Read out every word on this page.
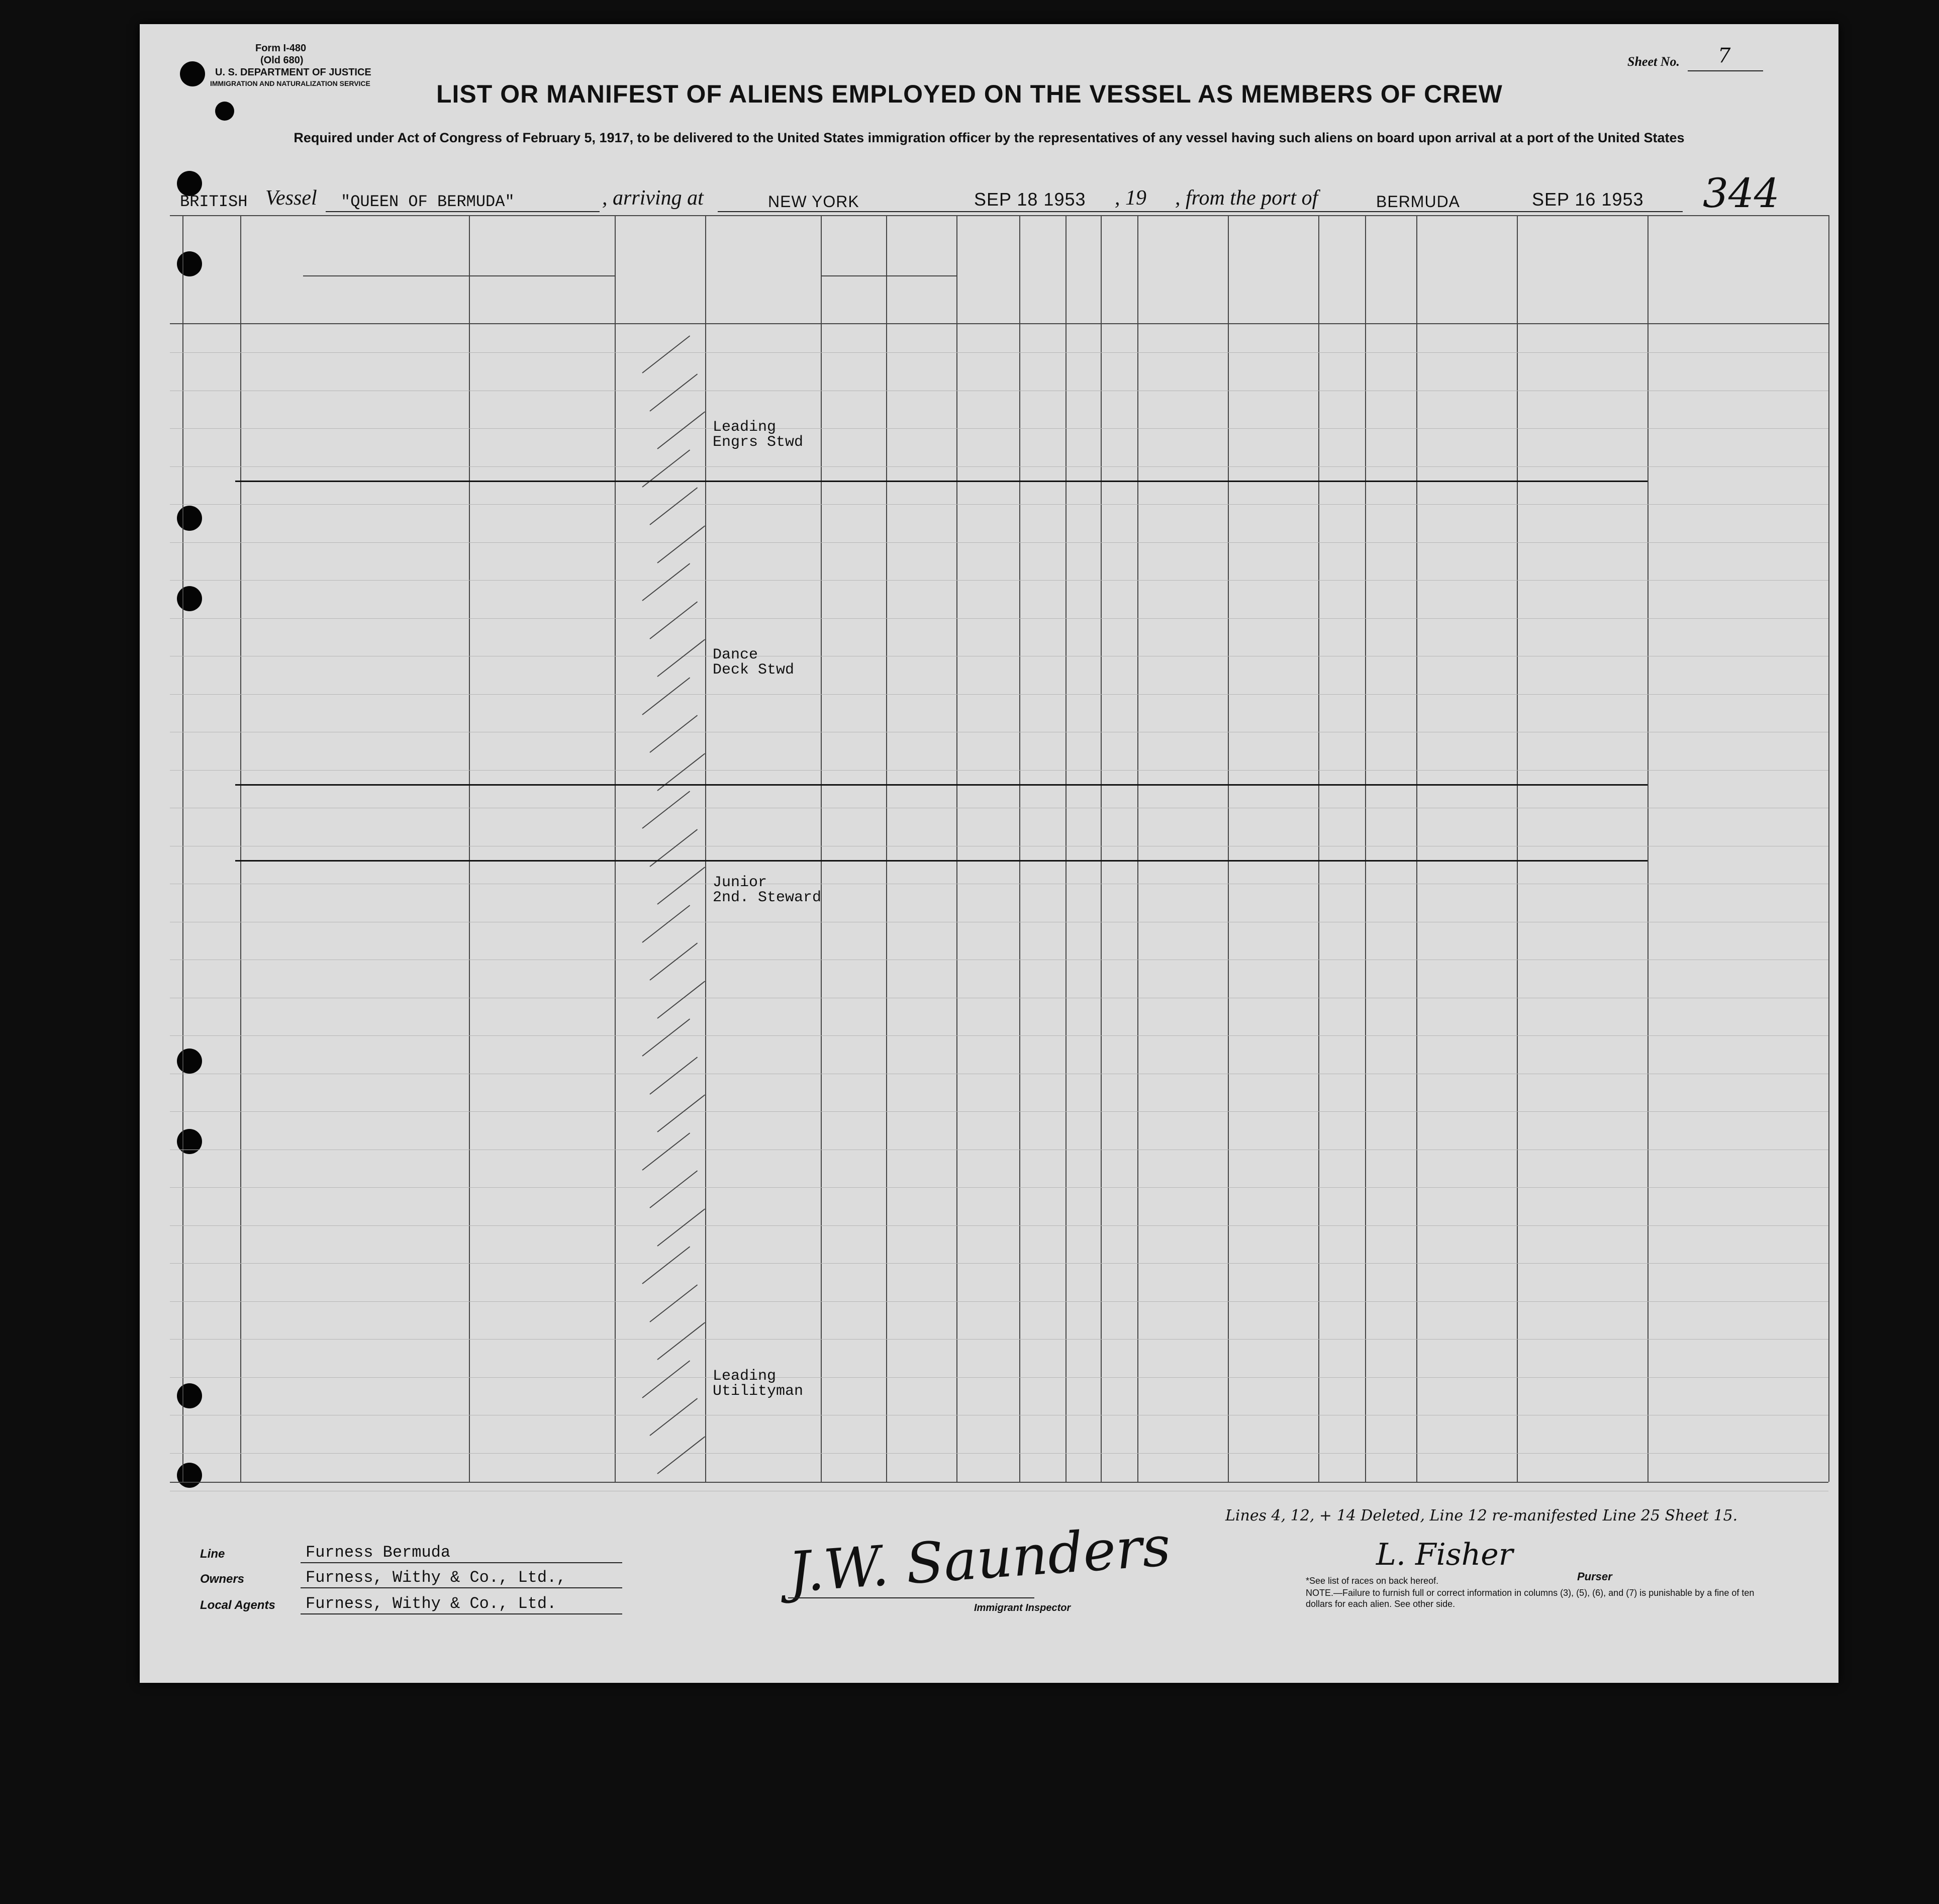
Form I-480
(Old 680)
U. S. DEPARTMENT OF JUSTICE
IMMIGRATION AND NATURALIZATION SERVICE
Sheet No. 7
LIST OR MANIFEST OF ALIENS EMPLOYED ON THE VESSEL AS MEMBERS OF CREW
Required under Act of Congress of February 5, 1917, to be delivered to the United States immigration officer by the representatives of any vessel having such aliens on board upon arrival at a port of the United States
BRITISH Vessel "QUEEN OF BERMUDA"	, arriving at	NEW YORK	SEP 18 1953 , 19 , from the port of	BERMUDA	SEP 16 1953 344
Leading
Engrs Stwd
Dance
Deck Stwd
Junior
2nd. Steward
Leading
Utilityman
Lines 4, 12, + 14 Deleted, Line 12 re-manifested Line 25 Sheet 15.
Line	Furness Bermuda
Owners	Furness, Withy & Co., Ltd.,
Local Agents Furness, Withy & Co., Ltd.	J.W. Saunders
Immigrant Inspector
L. Fisher
Purser
*See list of races on back hereof.
NOTE.—Failure to furnish full or correct information in columns (3), (5), (6), and (7) is punishable by a fine of ten dollars for each alien. See other side.
